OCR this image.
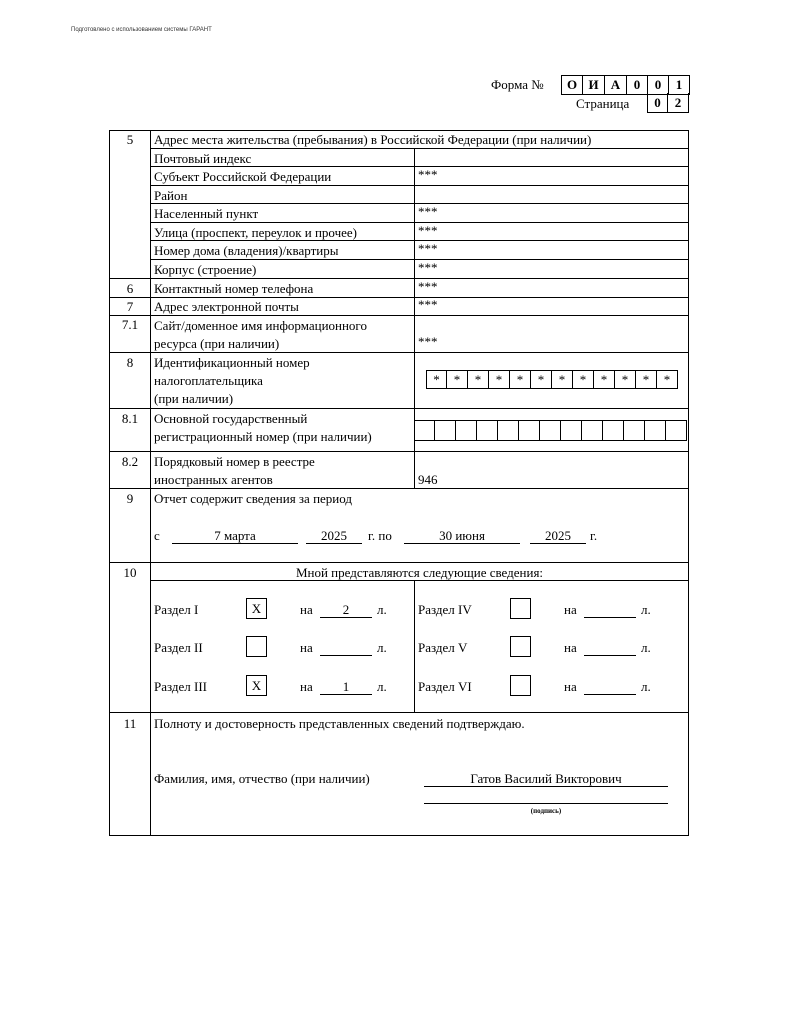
Подготовлено с использованием системы ГАРАНТ
Форма №	О И А	0	0	1
Страница	0	2
5	Адрес места жительства (пребывания) в Российской Федерации (при наличии)
Почтовый индекс
Субъект Российской Федерации	***
Район
Населенный пункт	***
Улица (проспект, переулок и прочее)	***
Номер дома (владения)/квартиры	***
Корпус (строение)	***
6	Контактный номер телефона	***
7	Адрес электронной почты	***
7.1	Сайт/доменное имя информационного
ресурса (при наличии)	***
8	Идентификационный номер
налогоплательщика
(при наличии)
*	*	*	*	*	*	*	*	*	*	*	*
8.1	Основной государственный
регистрационный номер (при наличии)
8.2	Порядковый номер в реестре
иностранных агентов	946
9	Отчет содержит сведения за период
с	7 марта	2025	г. по	30 июня	2025	г.
10	Мной представляются следующие сведения:
Раздел I	X	на	2	л.
Раздел II	на	л.
Раздел III	X	на	1	л.
Раздел IV	на	л.
Раздел V	на	л.
Раздел VI	на	л.
11	Полноту и достоверность представленных сведений подтверждаю.
Фамилия, имя, отчество (при наличии)	Гатов Василий Викторович
(подпись)
